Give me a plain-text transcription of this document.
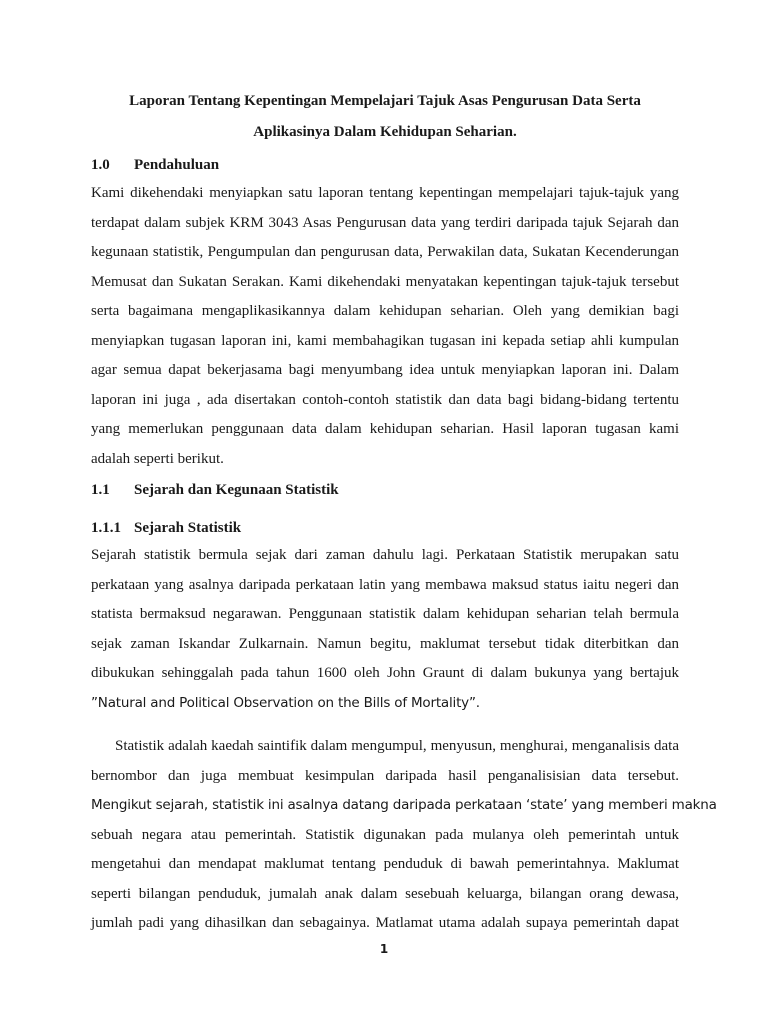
Laporan Tentang Kepentingan Mempelajari Tajuk Asas Pengurusan Data Serta
Aplikasinya Dalam Kehidupan Seharian.
1.0 Pendahuluan
Kami dikehendaki menyiapkan satu laporan tentang kepentingan mempelajari tajuk-tajuk yang
terdapat dalam subjek KRM 3043 Asas Pengurusan data yang terdiri daripada tajuk Sejarah dan
kegunaan statistik, Pengumpulan dan pengurusan data, Perwakilan data, Sukatan Kecenderungan
Memusat dan Sukatan Serakan. Kami dikehendaki menyatakan kepentingan tajuk-tajuk tersebut
serta bagaimana mengaplikasikannya dalam kehidupan seharian. Oleh yang demikian bagi
menyiapkan tugasan laporan ini, kami membahagikan tugasan ini kepada setiap ahli kumpulan
agar semua dapat bekerjasama bagi menyumbang idea untuk menyiapkan laporan ini. Dalam
laporan ini juga , ada disertakan contoh-contoh statistik dan data bagi bidang-bidang tertentu
yang memerlukan penggunaan data dalam kehidupan seharian. Hasil laporan tugasan kami
adalah seperti berikut.
1.1 Sejarah dan Kegunaan Statistik
1.1.1 Sejarah Statistik
Sejarah statistik bermula sejak dari zaman dahulu lagi. Perkataan Statistik merupakan satu
perkataan yang asalnya daripada perkataan latin yang membawa maksud status iaitu negeri dan
statista bermaksud negarawan. Penggunaan statistik dalam kehidupan seharian telah bermula
sejak zaman Iskandar Zulkarnain. Namun begitu, maklumat tersebut tidak diterbitkan dan
dibukukan sehinggalah pada tahun 1600 oleh John Graunt di dalam bukunya yang bertajuk
”Natural and Political Observation on the Bills of Mortality”.
Statistik adalah kaedah saintifik dalam mengumpul, menyusun, menghurai, menganalisis data
bernombor dan juga membuat kesimpulan daripada hasil penganalisisian data tersebut.
Mengikut sejarah, statistik ini asalnya datang daripada perkataan ‘state’ yang memberi makna
sebuah negara atau pemerintah. Statistik digunakan pada mulanya oleh pemerintah untuk
mengetahui dan mendapat maklumat tentang penduduk di bawah pemerintahnya. Maklumat
seperti bilangan penduduk, jumalah anak dalam sesebuah keluarga, bilangan orang dewasa,
jumlah padi yang dihasilkan dan sebagainya. Matlamat utama adalah supaya pemerintah dapat
1
